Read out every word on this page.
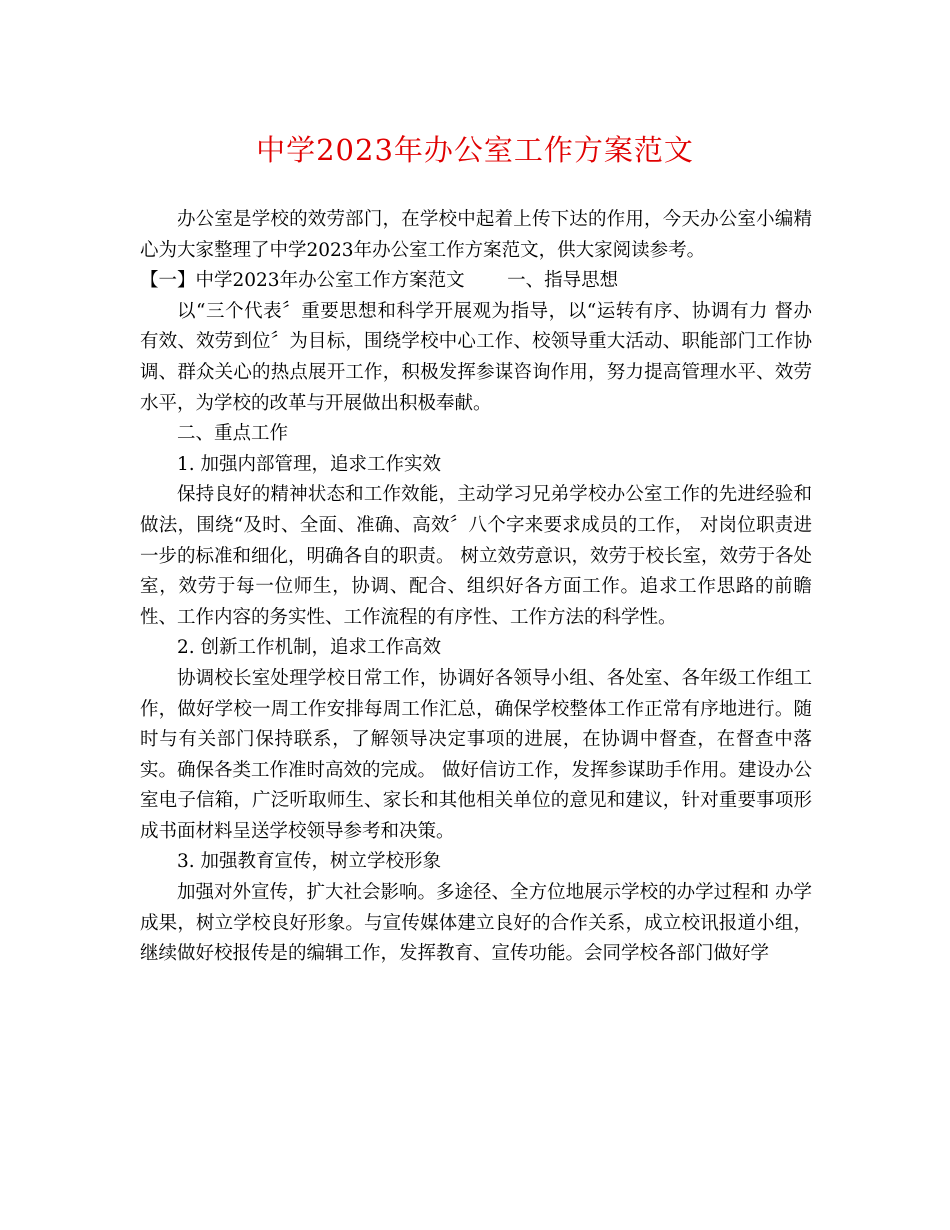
中学2023年办公室工作方案范文

办公室是学校的效劳部门，在学校中起着上传下达的作用，今天办公室小编精心为大家整理了中学2023年办公室工作方案范文，供大家阅读参考。

【一】中学2023年办公室工作方案范文 一、指导思想

以“三个代表〞重要思想和科学开展观为指导，以“运转有序、协调有力 督办有效、效劳到位〞为目标，围绕学校中心工作、校领导重大活动、职能部门工作协调、群众关心的热点展开工作，积极发挥参谋咨询作用，努力提高管理水平、效劳水平，为学校的改革与开展做出积极奉献。

二、重点工作

1. 加强内部管理，追求工作实效

保持良好的精神状态和工作效能，主动学习兄弟学校办公室工作的先进经验和做法，围绕“及时、全面、准确、高效〞八个字来要求成员的工作， 对岗位职责进一步的标准和细化，明确各自的职责。 树立效劳意识，效劳于校长室，效劳于各处室，效劳于每一位师生，协调、配合、组织好各方面工作。追求工作思路的前瞻性、工作内容的务实性、工作流程的有序性、工作方法的科学性。

2. 创新工作机制，追求工作高效

协调校长室处理学校日常工作，协调好各领导小组、各处室、各年级工作组工作，做好学校一周工作安排每周工作汇总，确保学校整体工作正常有序地进行。随时与有关部门保持联系，了解领导决定事项的进展，在协调中督查，在督查中落实。确保各类工作准时高效的完成。 做好信访工作，发挥参谋助手作用。建设办公室电子信箱，广泛听取师生、家长和其他相关单位的意见和建议，针对重要事项形成书面材料呈送学校领导参考和决策。

3. 加强教育宣传，树立学校形象

加强对外宣传，扩大社会影响。多途径、全方位地展示学校的办学过程和 办学成果，树立学校良好形象。与宣传媒体建立良好的合作关系，成立校讯报道小组，继续做好校报传是的编辑工作，发挥教育、宣传功能。会同学校各部门做好学
